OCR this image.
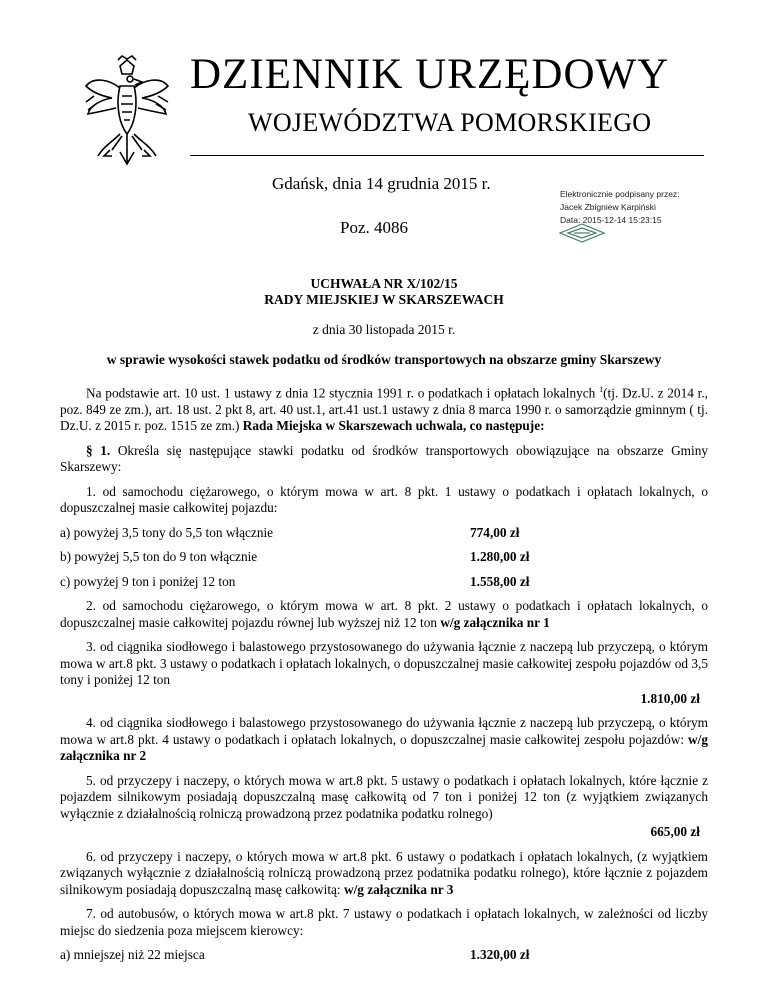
DZIENNIK URZĘDOWY
WOJEWÓDZTWA POMORSKIEGO
Gdańsk, dnia 14 grudnia 2015 r.
Poz. 4086
Elektronicznie podpisany przez:
Jacek Zbigniew Karpiński
Data: 2015-12-14 15:23:15
UCHWAŁA NR X/102/15
RADY MIEJSKIEJ W SKARSZEWACH
z dnia 30 listopada 2015 r.
w sprawie wysokości stawek podatku od środków transportowych na obszarze gminy Skarszewy

Na podstawie art. 10 ust. 1 ustawy z dnia 12 stycznia 1991 r. o podatkach i opłatach lokalnych $^1$(tj. Dz.U. z 2014 r., poz. 849 ze zm.), art. 18 ust. 2 pkt 8, art. 40 ust.1, art.41 ust.1 ustawy z dnia 8 marca 1990 r. o samorządzie gminnym ( tj. Dz.U. z 2015 r. poz. 1515 ze zm.) Rada Miejska w Skarszewach uchwala, co następuje:

§ 1. Określa się następujące stawki podatku od środków transportowych obowiązujące na obszarze Gminy Skarszewy:

1. od samochodu ciężarowego, o którym mowa w art. 8 pkt. 1 ustawy o podatkach i opłatach lokalnych, o dopuszczalnej masie całkowitej pojazdu:

a) powyżej 3,5 tony do 5,5 ton włącznie	774,00 zł
b) powyżej 5,5 ton do 9 ton włącznie	1.280,00 zł
c) powyżej 9 ton i poniżej 12 ton	1.558,00 zł

2. od samochodu ciężarowego, o którym mowa w art. 8 pkt. 2 ustawy o podatkach i opłatach lokalnych, o dopuszczalnej masie całkowitej pojazdu równej lub wyższej niż 12 ton w/g załącznika nr 1

3. od ciągnika siodłowego i balastowego przystosowanego do używania łącznie z naczepą lub przyczepą, o którym mowa w art.8 pkt. 3 ustawy o podatkach i opłatach lokalnych, o dopuszczalnej masie całkowitej zespołu pojazdów od 3,5 tony i poniżej 12 ton

1.810,00 zł

4. od ciągnika siodłowego i balastowego przystosowanego do używania łącznie z naczepą lub przyczepą, o którym mowa w art.8 pkt. 4 ustawy o podatkach i opłatach lokalnych, o dopuszczalnej masie całkowitej zespołu pojazdów: w/g załącznika nr 2

5. od przyczepy i naczepy, o których mowa w art.8 pkt. 5 ustawy o podatkach i opłatach lokalnych, które łącznie z pojazdem silnikowym posiadają dopuszczalną masę całkowitą od 7 ton i poniżej 12 ton (z wyjątkiem związanych wyłącznie z działalnością rolniczą prowadzoną przez podatnika podatku rolnego)

665,00 zł

6. od przyczepy i naczepy, o których mowa w art.8 pkt. 6 ustawy o podatkach i opłatach lokalnych, (z wyjątkiem związanych wyłącznie z działalnością rolniczą prowadzoną przez podatnika podatku rolnego), które łącznie z pojazdem silnikowym posiadają dopuszczalną masę całkowitą: w/g załącznika nr 3

7. od autobusów, o których mowa w art.8 pkt. 7 ustawy o podatkach i opłatach lokalnych, w zależności od liczby miejsc do siedzenia poza miejscem kierowcy:

a) mniejszej niż 22 miejsca	1.320,00 zł
